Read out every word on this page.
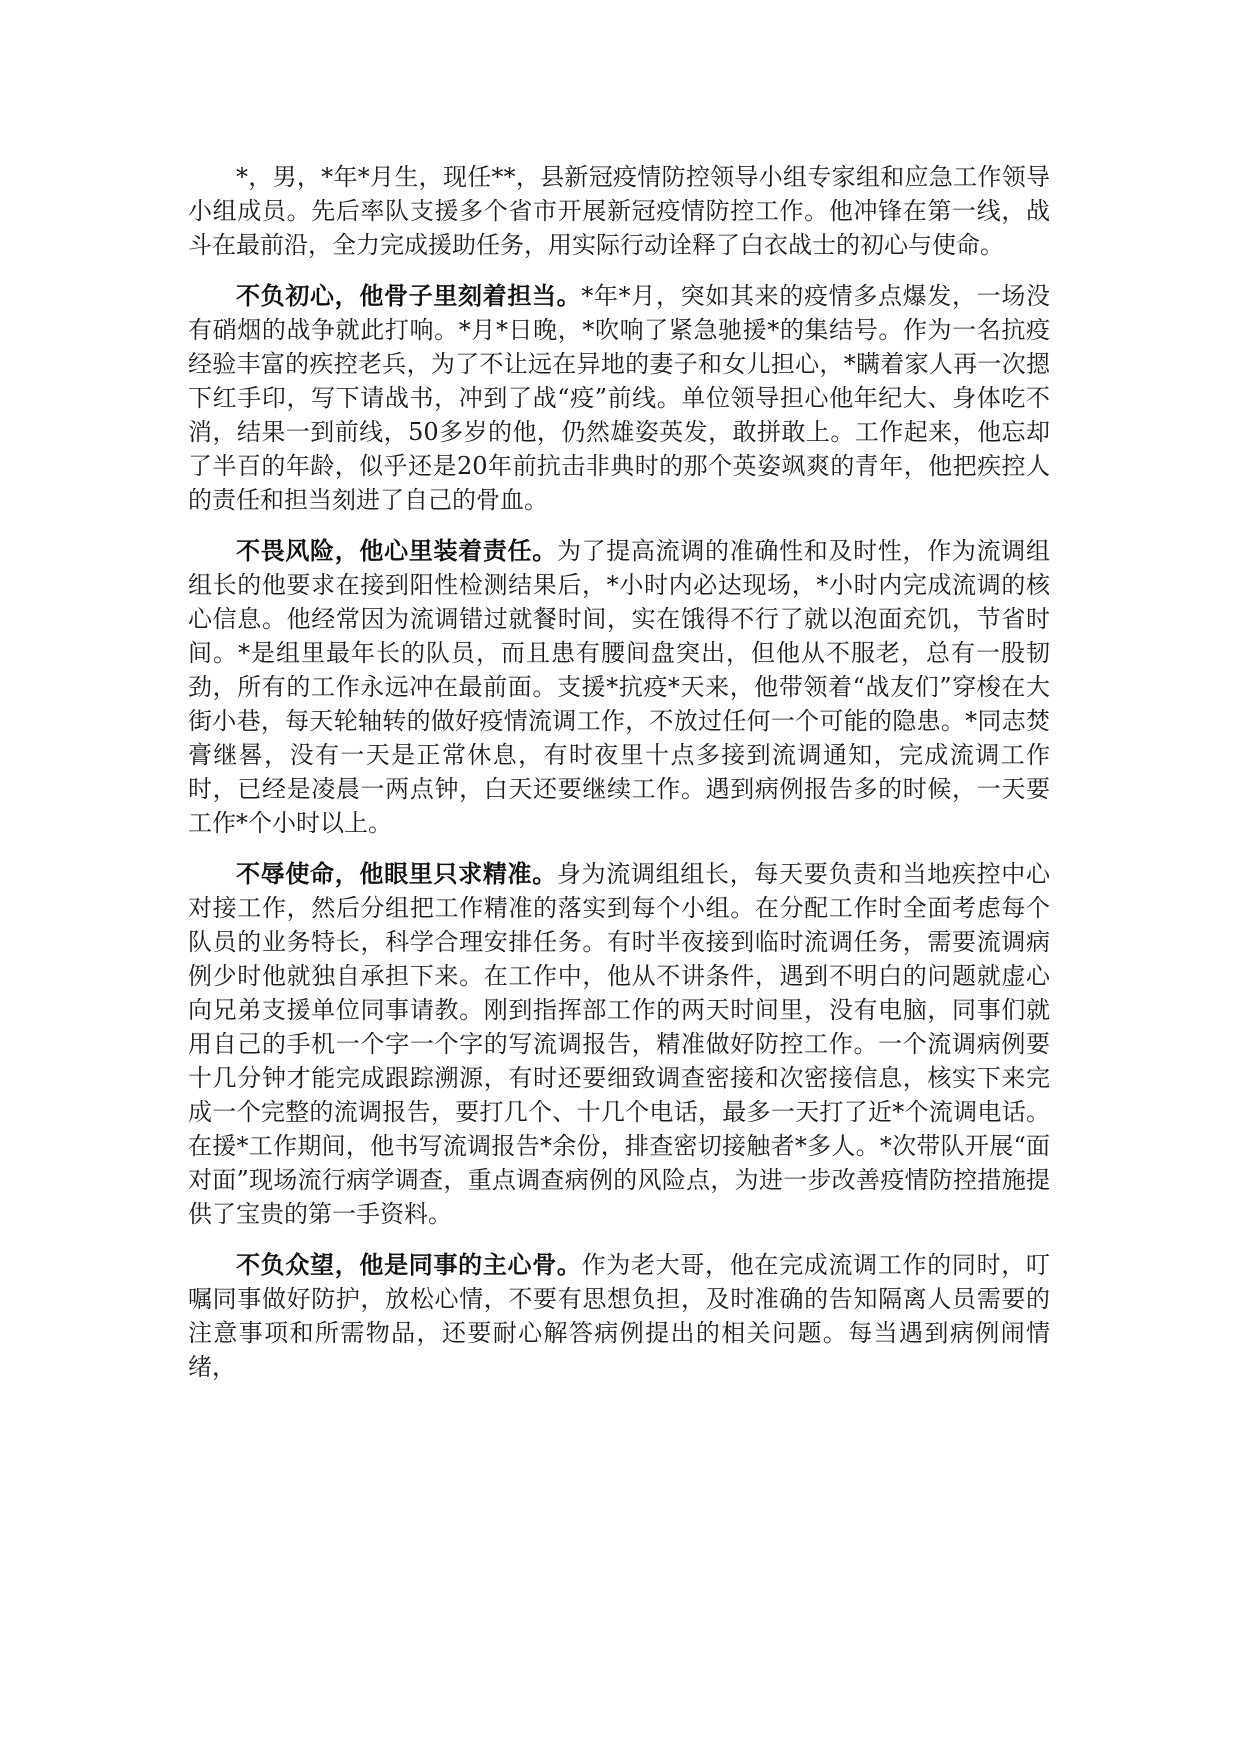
*，男，*年*月生，现任**，县新冠疫情防控领导小组专家组和应急工作领导小组成员。先后率队支援多个省市开展新冠疫情防控工作。他冲锋在第一线，战斗在最前沿，全力完成援助任务，用实际行动诠释了白衣战士的初心与使命。

不负初心，他骨子里刻着担当。*年*月，突如其来的疫情多点爆发，一场没有硝烟的战争就此打响。*月*日晚，*吹响了紧急驰援*的集结号。作为一名抗疫经验丰富的疾控老兵，为了不让远在异地的妻子和女儿担心，*瞒着家人再一次摁下红手印，写下请战书，冲到了战“疫”前线。单位领导担心他年纪大、身体吃不消，结果一到前线，50多岁的他，仍然雄姿英发，敢拼敢上。工作起来，他忘却了半百的年龄，似乎还是20年前抗击非典时的那个英姿飒爽的青年，他把疾控人的责任和担当刻进了自己的骨血。

不畏风险，他心里装着责任。为了提高流调的准确性和及时性，作为流调组组长的他要求在接到阳性检测结果后，*小时内必达现场，*小时内完成流调的核心信息。他经常因为流调错过就餐时间，实在饿得不行了就以泡面充饥，节省时间。*是组里最年长的队员，而且患有腰间盘突出，但他从不服老，总有一股韧劲，所有的工作永远冲在最前面。支援*抗疫*天来，他带领着“战友们”穿梭在大街小巷，每天轮轴转的做好疫情流调工作，不放过任何一个可能的隐患。*同志焚膏继晷，没有一天是正常休息，有时夜里十点多接到流调通知，完成流调工作时，已经是凌晨一两点钟，白天还要继续工作。遇到病例报告多的时候，一天要工作*个小时以上。

不辱使命，他眼里只求精准。身为流调组组长，每天要负责和当地疾控中心对接工作，然后分组把工作精准的落实到每个小组。在分配工作时全面考虑每个队员的业务特长，科学合理安排任务。有时半夜接到临时流调任务，需要流调病例少时他就独自承担下来。在工作中，他从不讲条件，遇到不明白的问题就虚心向兄弟支援单位同事请教。刚到指挥部工作的两天时间里，没有电脑，同事们就用自己的手机一个字一个字的写流调报告，精准做好防控工作。一个流调病例要十几分钟才能完成跟踪溯源，有时还要细致调查密接和次密接信息，核实下来完成一个完整的流调报告，要打几个、十几个电话，最多一天打了近*个流调电话。在援*工作期间，他书写流调报告*余份，排查密切接触者*多人。*次带队开展“面对面”现场流行病学调查，重点调查病例的风险点，为进一步改善疫情防控措施提供了宝贵的第一手资料。

不负众望，他是同事的主心骨。作为老大哥，他在完成流调工作的同时，叮嘱同事做好防护，放松心情，不要有思想负担，及时准确的告知隔离人员需要的注意事项和所需物品，还要耐心解答病例提出的相关问题。每当遇到病例闹情绪，
